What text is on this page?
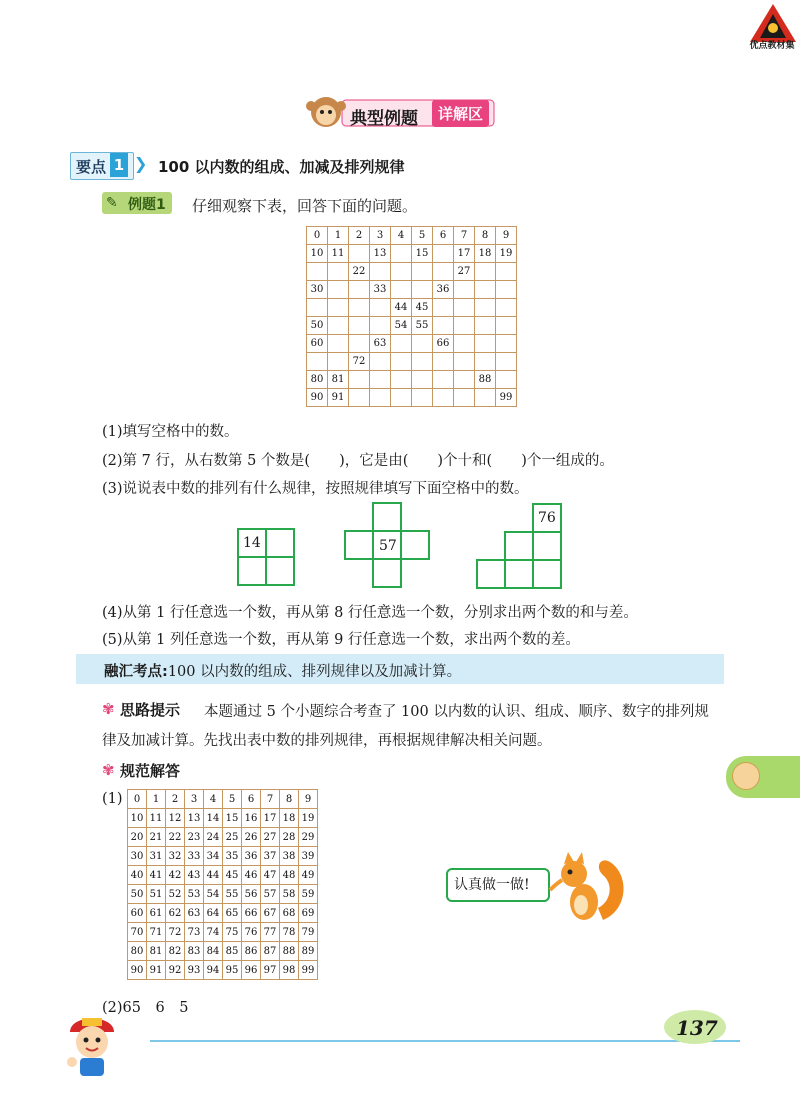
优点教材集
典型例题	详解区
要点 1 ❯ 100 以内数的组成、加减及排列规律
✎ 例题1 仔细观察下表，回答下面的问题。
0	1	2	3	4	5	6	7	8	9
10	11		13		15		17	18	19
		22					27		
30			33			36			
				44	45				
50				54	55				
60			63			66			
		72							
80	81							88	
90	91								99
(1)填写空格中的数。
(2)第 7 行，从右数第 5 个数是(　　)，它是由(　　)个十和(　　)个一组成的。
(3)说说表中数的排列有什么规律，按照规律填写下面空格中的数。
14	57
76
(4)从第 1 行任意选一个数，再从第 8 行任意选一个数，分别求出两个数的和与差。
(5)从第 1 列任意选一个数，再从第 9 行任意选一个数，求出两个数的差。
融汇考点:100 以内数的组成、排列规律以及加减计算。
✾ 思路提示 本题通过 5 个小题综合考查了 100 以内数的认识、组成、顺序、数字的排列规
律及加减计算。先找出表中数的排列规律，再根据规律解决相关问题。
✾ 规范解答
(1) 0	1	2	3	4	5	6	7	8	9
10	11	12	13	14	15	16	17	18	19
20	21	22	23	24	25	26	27	28	29
30	31	32	33	34	35	36	37	38	39
40	41	42	43	44	45	46	47	48	49
50	51	52	53	54	55	56	57	58	59
60	61	62	63	64	65	66	67	68	69
70	71	72	73	74	75	76	77	78	79
80	81	82	83	84	85	86	87	88	89
90	91	92	93	94	95	96	97	98	99
(2)65　6　5
认真做一做!
137
